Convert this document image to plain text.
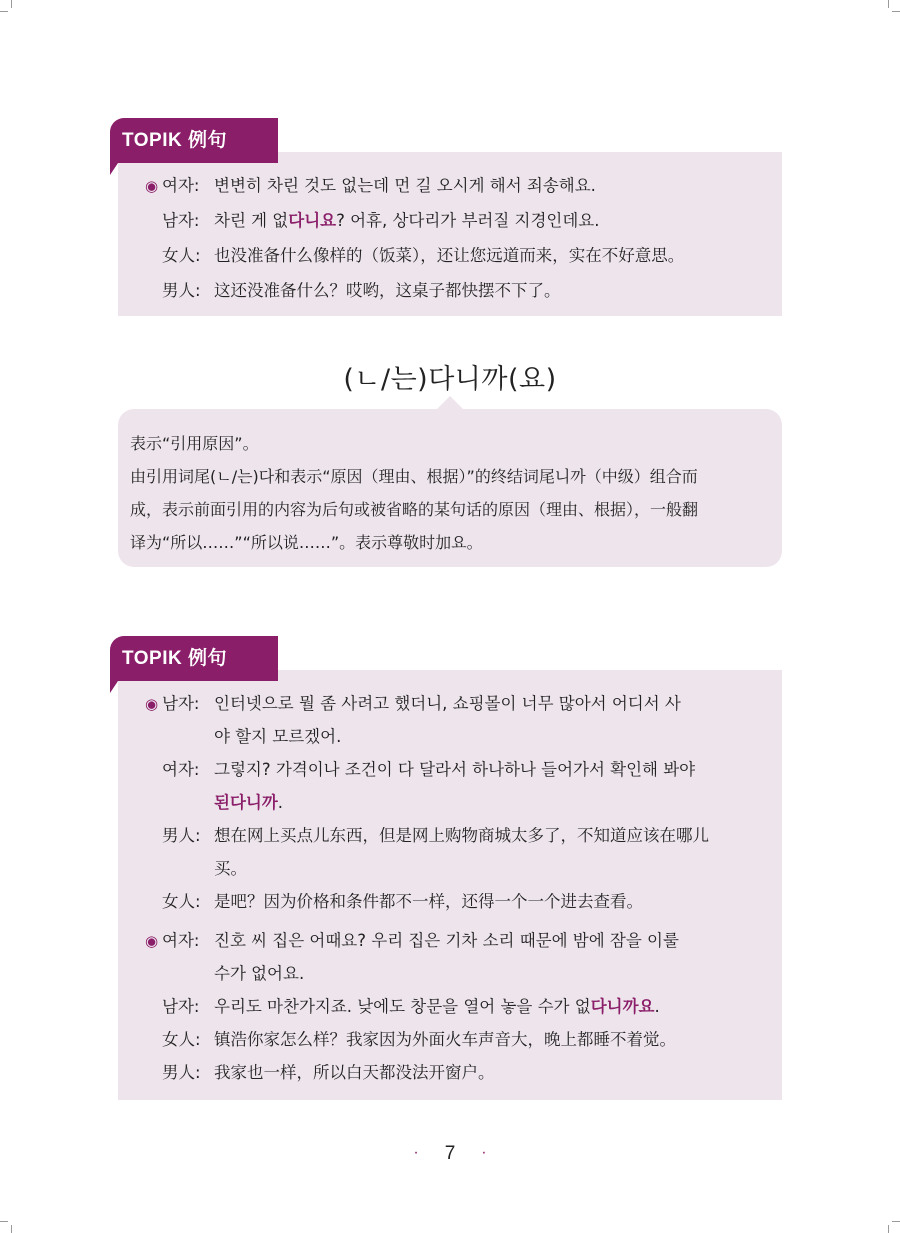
TOPIK 例句
◉ 여자: 변변히 차린 것도 없는데 먼 길 오시게 해서 죄송해요.
남자: 차린 게 없다니요? 어휴, 상다리가 부러질 지경인데요.
女人: 也没准备什么像样的（饭菜），还让您远道而来，实在不好意思。
男人: 这还没准备什么？哎哟，这桌子都快摆不下了。
(ㄴ/는)다니까(요)

表示“引用原因”。

由引用词尾(ㄴ/는)다和表示“原因（理由、根据）”的终结词尾니까（中级）组合而

成，表示前面引用的内容为后句或被省略的某句话的原因（理由、根据），一般翻

译为“所以……”“所以说……”。表示尊敬时加요。

TOPIK 例句
◉ 남자: 인터넷으로 뭘 좀 사려고 했더니, 쇼핑몰이 너무 많아서 어디서 사
야 할지 모르겠어.
여자: 그렇지? 가격이나 조건이 다 달라서 하나하나 들어가서 확인해 봐야
된다니까.
男人: 想在网上买点儿东西，但是网上购物商城太多了，不知道应该在哪儿
买。
女人: 是吧？因为价格和条件都不一样，还得一个一个进去查看。
◉ 여자: 진호 씨 집은 어때요? 우리 집은 기차 소리 때문에 밤에 잠을 이룰
수가 없어요.
남자: 우리도 마찬가지죠. 낮에도 창문을 열어 놓을 수가 없다니까요.
女人: 镇浩你家怎么样？我家因为外面火车声音大，晚上都睡不着觉。
男人: 我家也一样，所以白天都没法开窗户。
· 7 ·
